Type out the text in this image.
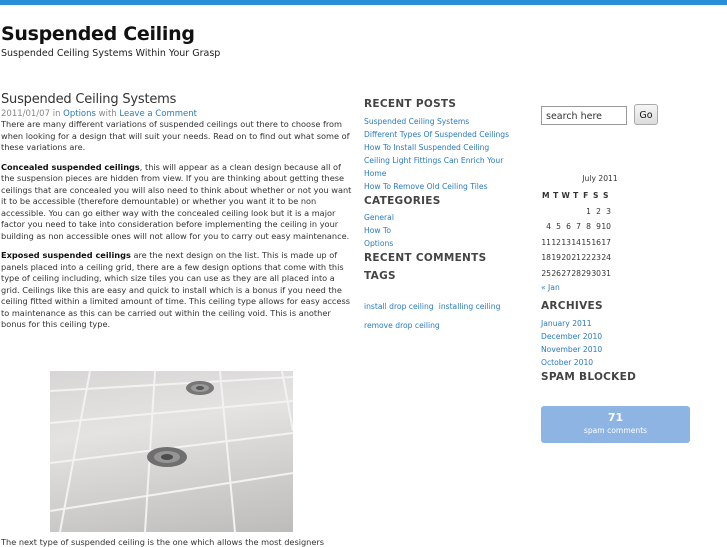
Suspended Ceiling
Suspended Ceiling Systems Within Your Grasp
Suspended Ceiling Systems
2011/01/07 in Options with Leave a Comment

There are many different variations of suspended ceilings out there to choose from when looking for a design that will suit your needs. Read on to find out what some of these variations are.

Concealed suspended ceilings, this will appear as a clean design because all of the suspension pieces are hidden from view. If you are thinking about getting these ceilings that are concealed you will also need to think about whether or not you want it to be accessible (therefore demountable) or whether you want it to be non accessible. You can go either way with the concealed ceiling look but it is a major factor you need to take into consideration before implementing the ceiling in your building as non accessible ones will not allow for you to carry out easy maintenance.

Exposed suspended ceilings are the next design on the list. This is made up of panels placed into a ceiling grid, there are a few design options that come with this type of ceiling including, which size tiles you can use as they are all placed into a grid. Ceilings like this are easy and quick to install which is a bonus if you need the ceiling fitted within a limited amount of time. This ceiling type allows for easy access to maintenance as this can be carried out within the ceiling void. This is another bonus for this ceiling type.

The next type of suspended ceiling is the one which allows the most designers
RECENT POSTS
Suspended Ceiling Systems
Different Types Of Suspended Ceilings
How To Install Suspended Ceiling
Ceiling Light Fittings Can Enrich Your
Home
How To Remove Old Ceiling Tiles
CATEGORIES
General
How To
Options
RECENT COMMENTS
TAGS
install drop ceiling installing ceiling remove drop ceiling
search here	Go
July 2011
M	T	W	T	F	S	S
				1	2	3
4	5	6	7	8	9	10
11	12	13	14	15	16	17
18	19	20	21	22	23	24
25	26	27	28	29	30	31
« Jan
ARCHIVES
January 2011
December 2010
November 2010
October 2010
SPAM BLOCKED
71
spam comments
